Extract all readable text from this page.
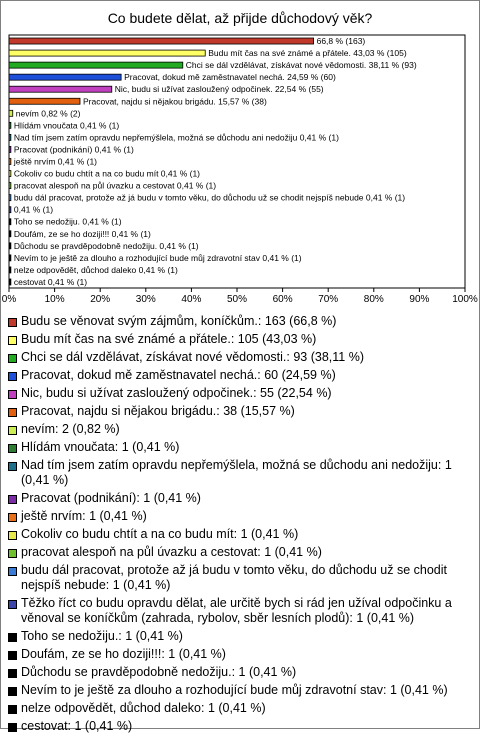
Co budete dělat, až přijde důchodový věk?
66,8 % (163)
Budu mít čas na své známé a přátele. 43,03 % (105)
Chci se dál vzdělávat, získávat nové vědomosti. 38,11 % (93)
Pracovat, dokud mě zaměstnavatel nechá. 24,59 % (60)
Nic, budu si užívat zasloužený odpočinek. 22,54 % (55)
Pracovat, najdu si nějakou brigádu. 15,57 % (38)
nevím 0,82 % (2)
Hlídám vnoučata 0,41 % (1)
Nad tím jsem zatím opravdu nepřemýšlela, možná se důchodu ani nedožiju 0,41 % (1)
Pracovat (podnikání) 0,41 % (1)
ještě nrvím 0,41 % (1)
Cokoliv co budu chtít a na co budu mít 0,41 % (1)
pracovat alespoň na půl úvazku a cestovat 0,41 % (1)
budu dál pracovat, protože až já budu v tomto věku, do důchodu už se chodit nejspíš nebude 0,41 % (1)
0,41 % (1)
Toho se nedožiju. 0,41 % (1)
Doufám, ze se ho doziji!!! 0,41 % (1)
Důchodu se pravděpodobně nedožiju. 0,41 % (1)
Nevím to je ještě za dlouho a rozhodující bude můj zdravotní stav 0,41 % (1)
nelze odpovědět, důchod daleko 0,41 % (1)
cestovat 0,41 % (1)
0%	10%	20%	30%	40%	50%	60%	70%	80%	90% 100%
Budu se věnovat svým zájmům, koníčkům.: 163 (66,8 %)
Budu mít čas na své známé a přátele.: 105 (43,03 %)
Chci se dál vzdělávat, získávat nové vědomosti.: 93 (38,11 %)
Pracovat, dokud mě zaměstnavatel nechá.: 60 (24,59 %)
Nic, budu si užívat zasloužený odpočinek.: 55 (22,54 %)
Pracovat, najdu si nějakou brigádu.: 38 (15,57 %)
nevím: 2 (0,82 %)
Hlídám vnoučata: 1 (0,41 %)
Nad tím jsem zatím opravdu nepřemýšlela, možná se důchodu ani nedožiju: 1 (0,41 %)
Pracovat (podnikání): 1 (0,41 %)
ještě nrvím: 1 (0,41 %)
Cokoliv co budu chtít a na co budu mít: 1 (0,41 %)
pracovat alespoň na půl úvazku a cestovat: 1 (0,41 %)
budu dál pracovat, protože až já budu v tomto věku, do důchodu už se chodit nejspíš nebude: 1 (0,41 %)
Těžko říct co budu opravdu dělat, ale určitě bych si rád jen užíval odpočinku a věnoval se koníčkům (zahrada, rybolov, sběr lesních plodů): 1 (0,41 %)
Toho se nedožiju.: 1 (0,41 %)
Doufám, ze se ho doziji!!!: 1 (0,41 %)
Důchodu se pravděpodobně nedožiju.: 1 (0,41 %)
Nevím to je ještě za dlouho a rozhodující bude můj zdravotní stav: 1 (0,41 %)
nelze odpovědět, důchod daleko: 1 (0,41 %)
cestovat: 1 (0,41 %)
